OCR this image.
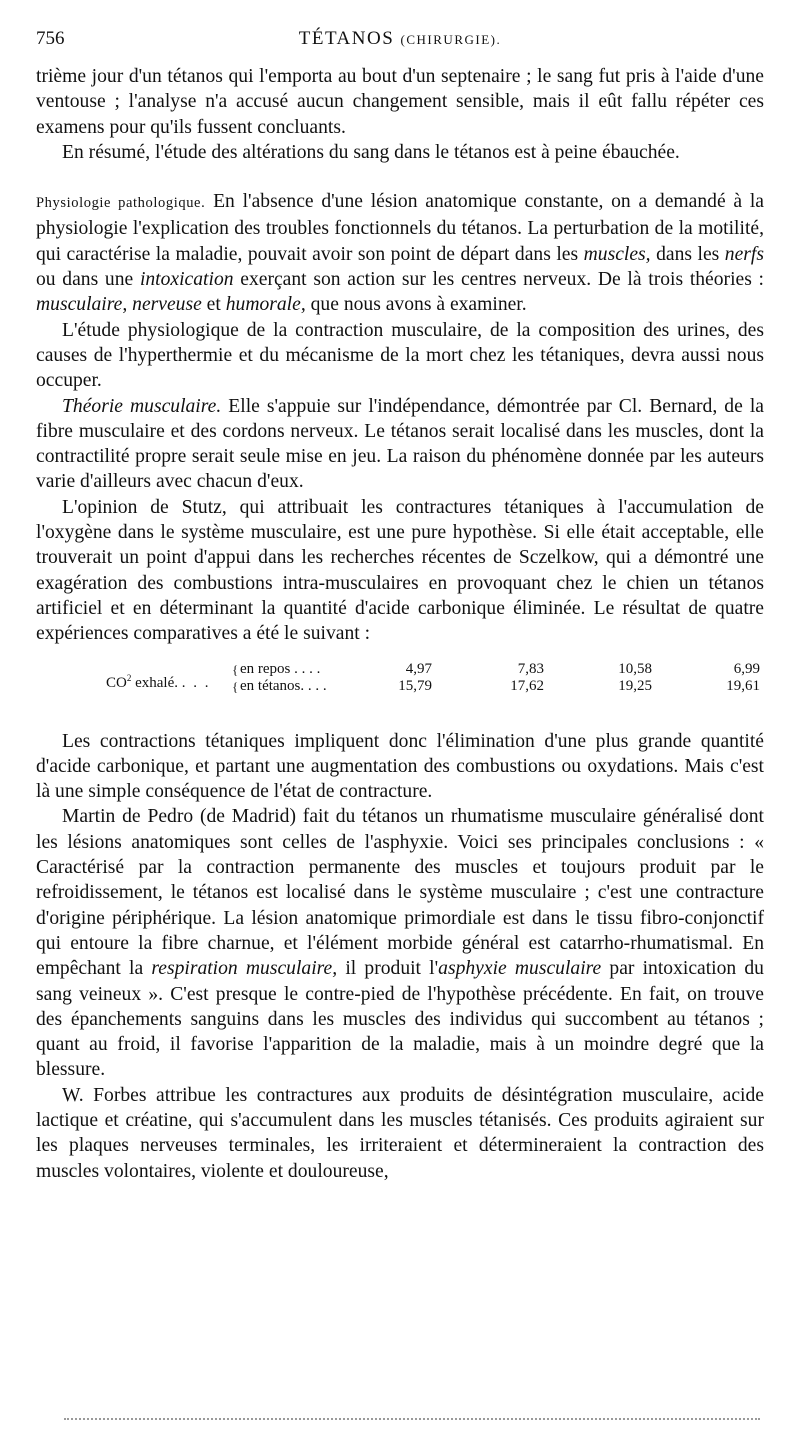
756	TÉTANOS (CHIRURGIE).

trième jour d'un tétanos qui l'emporta au bout d'un septenaire ; le sang fut pris à l'aide d'une ventouse ; l'analyse n'a accusé aucun changement sensible, mais il eût fallu répéter ces examens pour qu'ils fussent concluants.

En résumé, l'étude des altérations du sang dans le tétanos est à peine ébauchée.

Physiologie pathologique. En l'absence d'une lésion anatomique constante, on a demandé à la physiologie l'explication des troubles fonctionnels du tétanos. La perturbation de la motilité, qui caractérise la maladie, pouvait avoir son point de départ dans les muscles, dans les nerfs ou dans une intoxication exerçant son action sur les centres nerveux. De là trois théories : musculaire, nerveuse et humorale, que nous avons à examiner.

L'étude physiologique de la contraction musculaire, de la composition des urines, des causes de l'hyperthermie et du mécanisme de la mort chez les tétaniques, devra aussi nous occuper.

Théorie musculaire. Elle s'appuie sur l'indépendance, démontrée par Cl. Bernard, de la fibre musculaire et des cordons nerveux. Le tétanos serait localisé dans les muscles, dont la contractilité propre serait seule mise en jeu. La raison du phénomène donnée par les auteurs varie d'ailleurs avec chacun d'eux.

L'opinion de Stutz, qui attribuait les contractures tétaniques à l'accumulation de l'oxygène dans le système musculaire, est une pure hypothèse. Si elle était acceptable, elle trouverait un point d'appui dans les recherches récentes de Sczelkow, qui a démontré une exagération des combustions intra-musculaires en provoquant chez le chien un tétanos artificiel et en déterminant la quantité d'acide carbonique éliminée. Le résultat de quatre expériences comparatives a été le suivant :

$CO^2$ exhalé. . . .
{
{
en repos . . . .	4,97	7,83	10,58	6,99
en tétanos. . . .	15,79	17,62	19,25	19,61

Les contractions tétaniques impliquent donc l'élimination d'une plus grande quantité d'acide carbonique, et partant une augmentation des combustions ou oxydations. Mais c'est là une simple conséquence de l'état de contracture.

Martin de Pedro (de Madrid) fait du tétanos un rhumatisme musculaire généralisé dont les lésions anatomiques sont celles de l'asphyxie. Voici ses principales conclusions : « Caractérisé par la contraction permanente des muscles et toujours produit par le refroidissement, le tétanos est localisé dans le système musculaire ; c'est une contracture d'origine périphérique. La lésion anatomique primordiale est dans le tissu fibro-conjonctif qui entoure la fibre charnue, et l'élément morbide général est catarrho-rhumatismal. En empêchant la respiration musculaire, il produit l'asphyxie musculaire par intoxication du sang veineux ». C'est presque le contre-pied de l'hypothèse précédente. En fait, on trouve des épanchements sanguins dans les muscles des individus qui succombent au tétanos ; quant au froid, il favorise l'apparition de la maladie, mais à un moindre degré que la blessure.

W. Forbes attribue les contractures aux produits de désintégration musculaire, acide lactique et créatine, qui s'accumulent dans les muscles tétanisés. Ces produits agiraient sur les plaques nerveuses terminales, les irriteraient et détermineraient la contraction des muscles volontaires, violente et douloureuse,
